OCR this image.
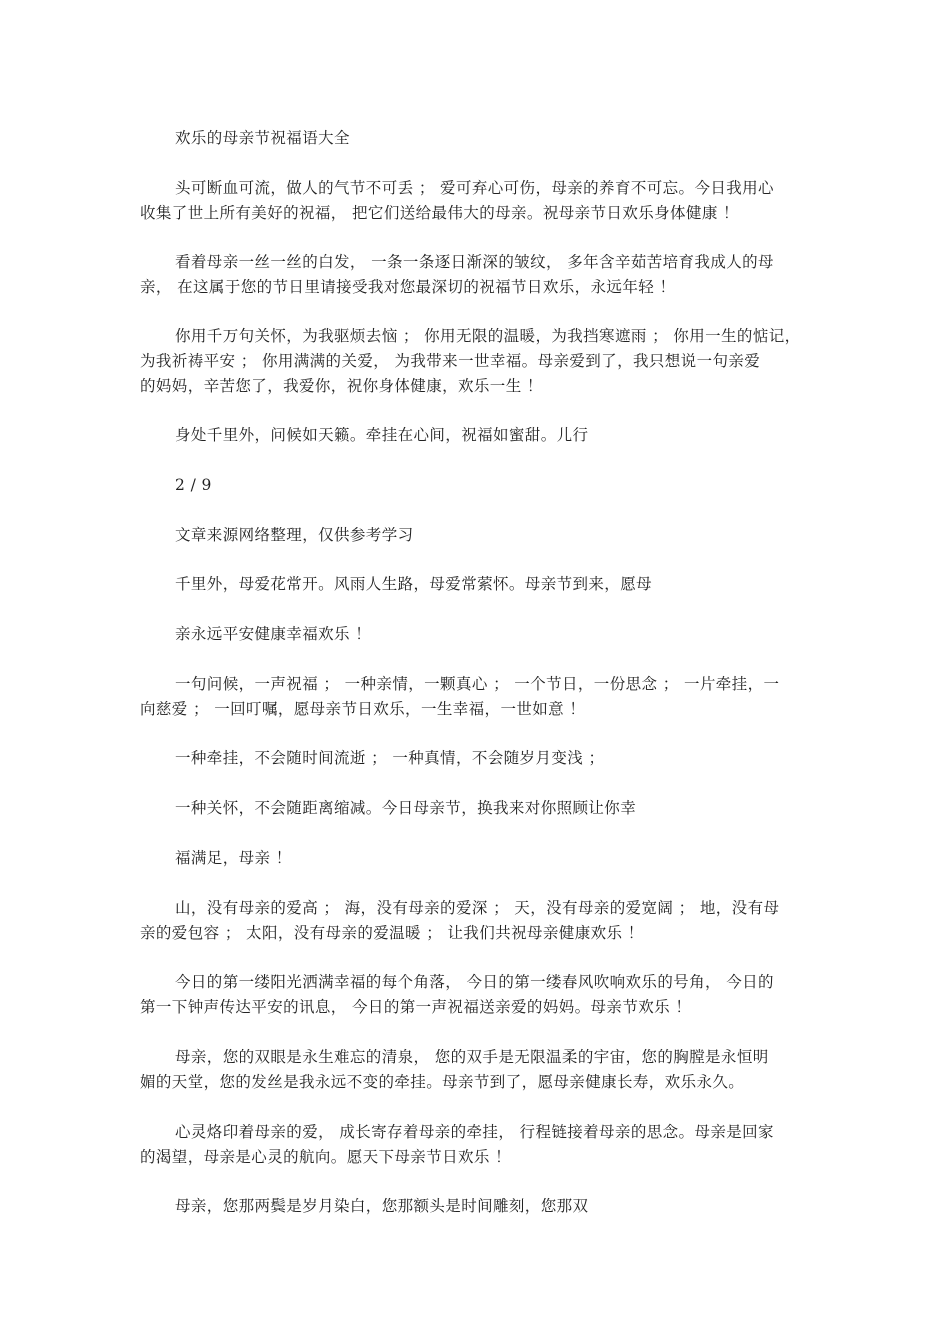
欢乐的母亲节祝福语大全
头可断血可流，做人的气节不可丢 ； 爱可弃心可伤，母亲的养育不可忘。今日我用心
收集了世上所有美好的祝福， 把它们送给最伟大的母亲。祝母亲节日欢乐身体健康 ！
看着母亲一丝一丝的白发， 一条一条逐日渐深的皱纹， 多年含辛茹苦培育我成人的母
亲， 在这属于您的节日里请接受我对您最深切的祝福节日欢乐，永远年轻 ！
你用千万句关怀，为我驱烦去恼 ； 你用无限的温暖，为我挡寒遮雨 ； 你用一生的惦记，
为我祈祷平安 ； 你用满满的关爱， 为我带来一世幸福。母亲爱到了，我只想说一句亲爱
的妈妈，辛苦您了，我爱你，祝你身体健康，欢乐一生 ！
身处千里外，问候如天籁。牵挂在心间，祝福如蜜甜。儿行
2 / 9
文章来源网络整理，仅供参考学习
千里外，母爱花常开。风雨人生路，母爱常萦怀。母亲节到来，愿母
亲永远平安健康幸福欢乐 ！
一句问候，一声祝福 ； 一种亲情，一颗真心 ； 一个节日，一份思念 ； 一片牵挂，一
向慈爱 ； 一回叮嘱，愿母亲节日欢乐，一生幸福，一世如意 ！
一种牵挂，不会随时间流逝 ； 一种真情，不会随岁月变浅 ；
一种关怀，不会随距离缩减。今日母亲节，换我来对你照顾让你幸
福满足，母亲 ！
山，没有母亲的爱高 ； 海，没有母亲的爱深 ； 天，没有母亲的爱宽阔 ； 地，没有母
亲的爱包容 ； 太阳，没有母亲的爱温暖 ； 让我们共祝母亲健康欢乐 ！
今日的第一缕阳光洒满幸福的每个角落， 今日的第一缕春风吹响欢乐的号角， 今日的
第一下钟声传达平安的讯息， 今日的第一声祝福送亲爱的妈妈。母亲节欢乐 ！
母亲，您的双眼是永生难忘的清泉， 您的双手是无限温柔的宇宙，您的胸膛是永恒明
媚的天堂，您的发丝是我永远不变的牵挂。母亲节到了，愿母亲健康长寿，欢乐永久。
心灵烙印着母亲的爱， 成长寄存着母亲的牵挂， 行程链接着母亲的思念。母亲是回家
的渴望，母亲是心灵的航向。愿天下母亲节日欢乐 ！
母亲，您那两鬓是岁月染白，您那额头是时间雕刻，您那双
